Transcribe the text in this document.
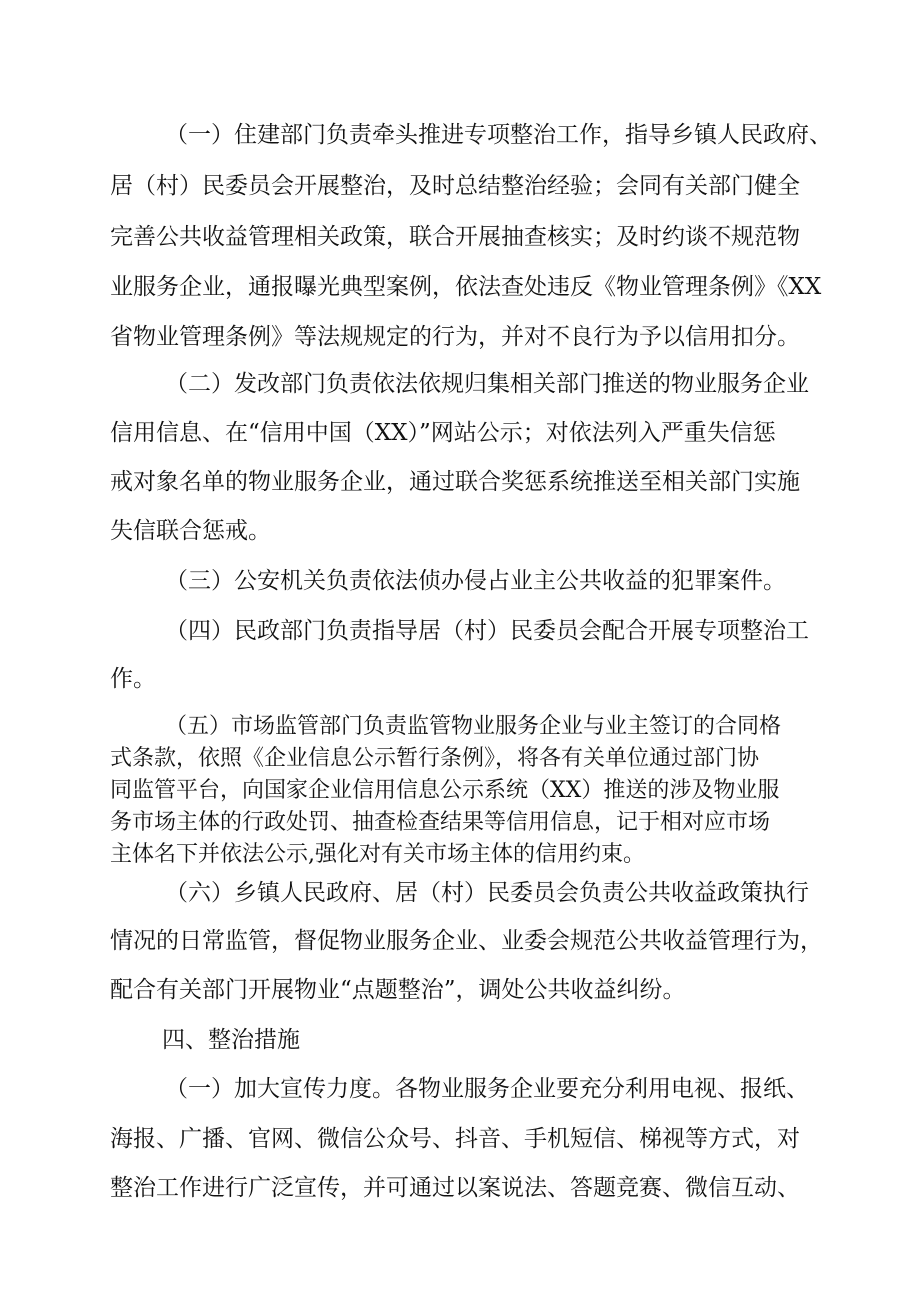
（一）住建部门负责牵头推进专项整治工作，指导乡镇人民政府、
居（村）民委员会开展整治，及时总结整治经验；会同有关部门健全
完善公共收益管理相关政策，联合开展抽查核实；及时约谈不规范物
业服务企业，通报曝光典型案例，依法查处违反《物业管理条例》《XX
省物业管理条例》等法规规定的行为，并对不良行为予以信用扣分。
（二）发改部门负责依法依规归集相关部门推送的物业服务企业
信用信息、在“信用中国（XX）”网站公示；对依法列入严重失信惩
戒对象名单的物业服务企业，通过联合奖惩系统推送至相关部门实施
失信联合惩戒。
（三）公安机关负责依法侦办侵占业主公共收益的犯罪案件。
（四）民政部门负责指导居（村）民委员会配合开展专项整治工
作。
（五）市场监管部门负责监管物业服务企业与业主签订的合同格
式条款，依照《企业信息公示暂行条例》，将各有关单位通过部门协
同监管平台，向国家企业信用信息公示系统（XX）推送的涉及物业服
务市场主体的行政处罚、抽查检查结果等信用信息，记于相对应市场
主体名下并依法公示,强化对有关市场主体的信用约束。
（六）乡镇人民政府、居（村）民委员会负责公共收益政策执行
情况的日常监管，督促物业服务企业、业委会规范公共收益管理行为，
配合有关部门开展物业“点题整治”，调处公共收益纠纷。
四、整治措施
（一）加大宣传力度。各物业服务企业要充分利用电视、报纸、
海报、广播、官网、微信公众号、抖音、手机短信、梯视等方式，对
整治工作进行广泛宣传，并可通过以案说法、答题竞赛、微信互动、
